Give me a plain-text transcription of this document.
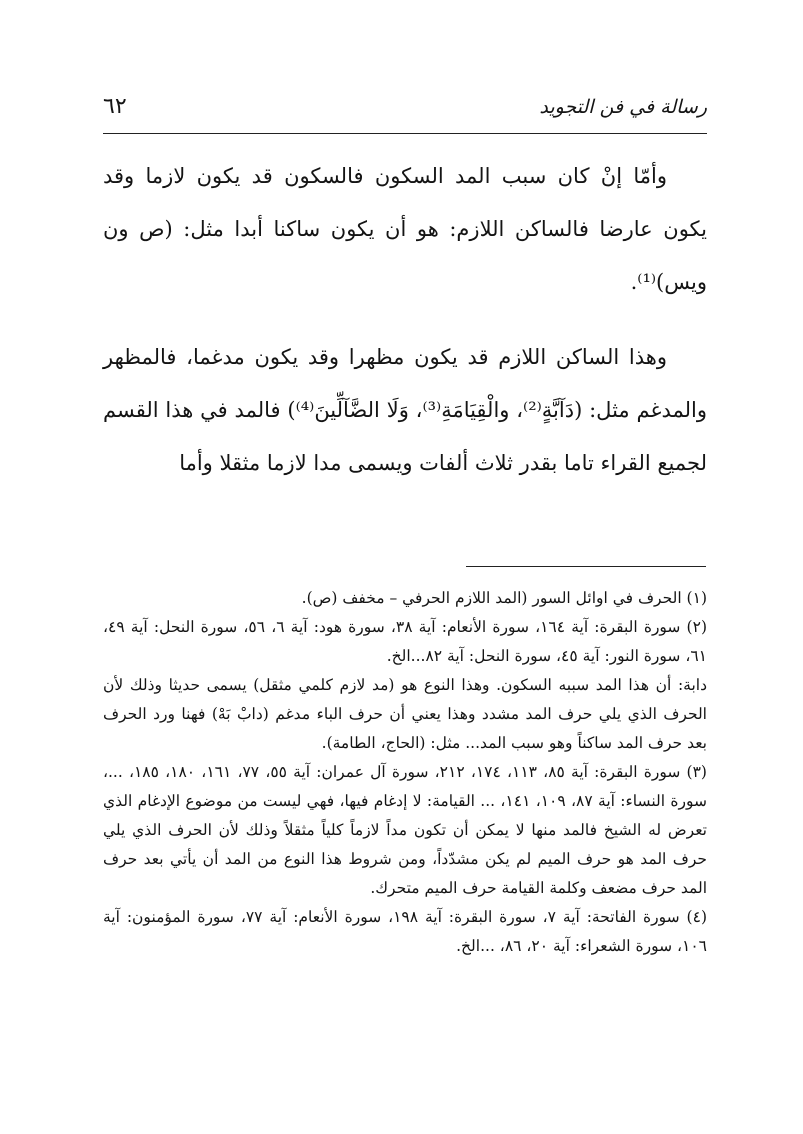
رسالة في فن التجويد
٦٢

وأمّا إنْ كان سبب المد السكون فالسكون قد يكون لازما وقد يكون عارضا فالساكن اللازم: هو أن يكون ساكنا أبدا مثل: (ص ون ويس)⁽¹⁾.

وهذا الساكن اللازم قد يكون مظهرا وقد يكون مدغما، فالمظهر والمدغم مثل: (دَآبَّةٍ⁽²⁾، والْقِيَامَةِ⁽³⁾، وَلَا الضَّآلِّينَ⁽⁴⁾) فالمد في هذا القسم لجميع القراء تاما بقدر ثلاث ألفات ويسمى مدا لازما مثقلا وأما

(١) الحرف في اوائل السور (المد اللازم الحرفي – مخفف (ص).

(٢) سورة البقرة: آية ١٦٤، سورة الأنعام: آية ٣٨، سورة هود: آية ٦، ٥٦، سورة النحل: آية ٤٩، ٦١، سورة النور: آية ٤٥، سورة النحل: آية ٨٢...الخ.

دابة: أن هذا المد سببه السكون. وهذا النوع هو (مد لازم كلمي مثقل) يسمى حديثا وذلك لأن الحرف الذي يلي حرف المد مشدد وهذا يعني أن حرف الباء مدغم (دابْ بَهْ) فهنا ورد الحرف بعد حرف المد ساكناً وهو سبب المد... مثل: (الحاج، الطامة).

(٣) سورة البقرة: آية ٨٥، ١١٣، ١٧٤، ٢١٢، سورة آل عمران: آية ٥٥، ٧٧، ١٦١، ١٨٠، ١٨٥، ...، سورة النساء: آية ٨٧، ١٠٩، ١٤١، ... القيامة: لا إدغام فيها، فهي ليست من موضوع الإدغام الذي تعرض له الشيخ فالمد منها لا يمكن أن تكون مداً لازماً كلياً مثقلاً وذلك لأن الحرف الذي يلي حرف المد هو حرف الميم لم يكن مشدّداً، ومن شروط هذا النوع من المد أن يأتي بعد حرف المد حرف مضعف وكلمة القيامة حرف الميم متحرك.

(٤) سورة الفاتحة: آية ٧، سورة البقرة: آية ١٩٨، سورة الأنعام: آية ٧٧، سورة المؤمنون: آية ١٠٦، سورة الشعراء: آية ٢٠، ٨٦، ...الخ.
